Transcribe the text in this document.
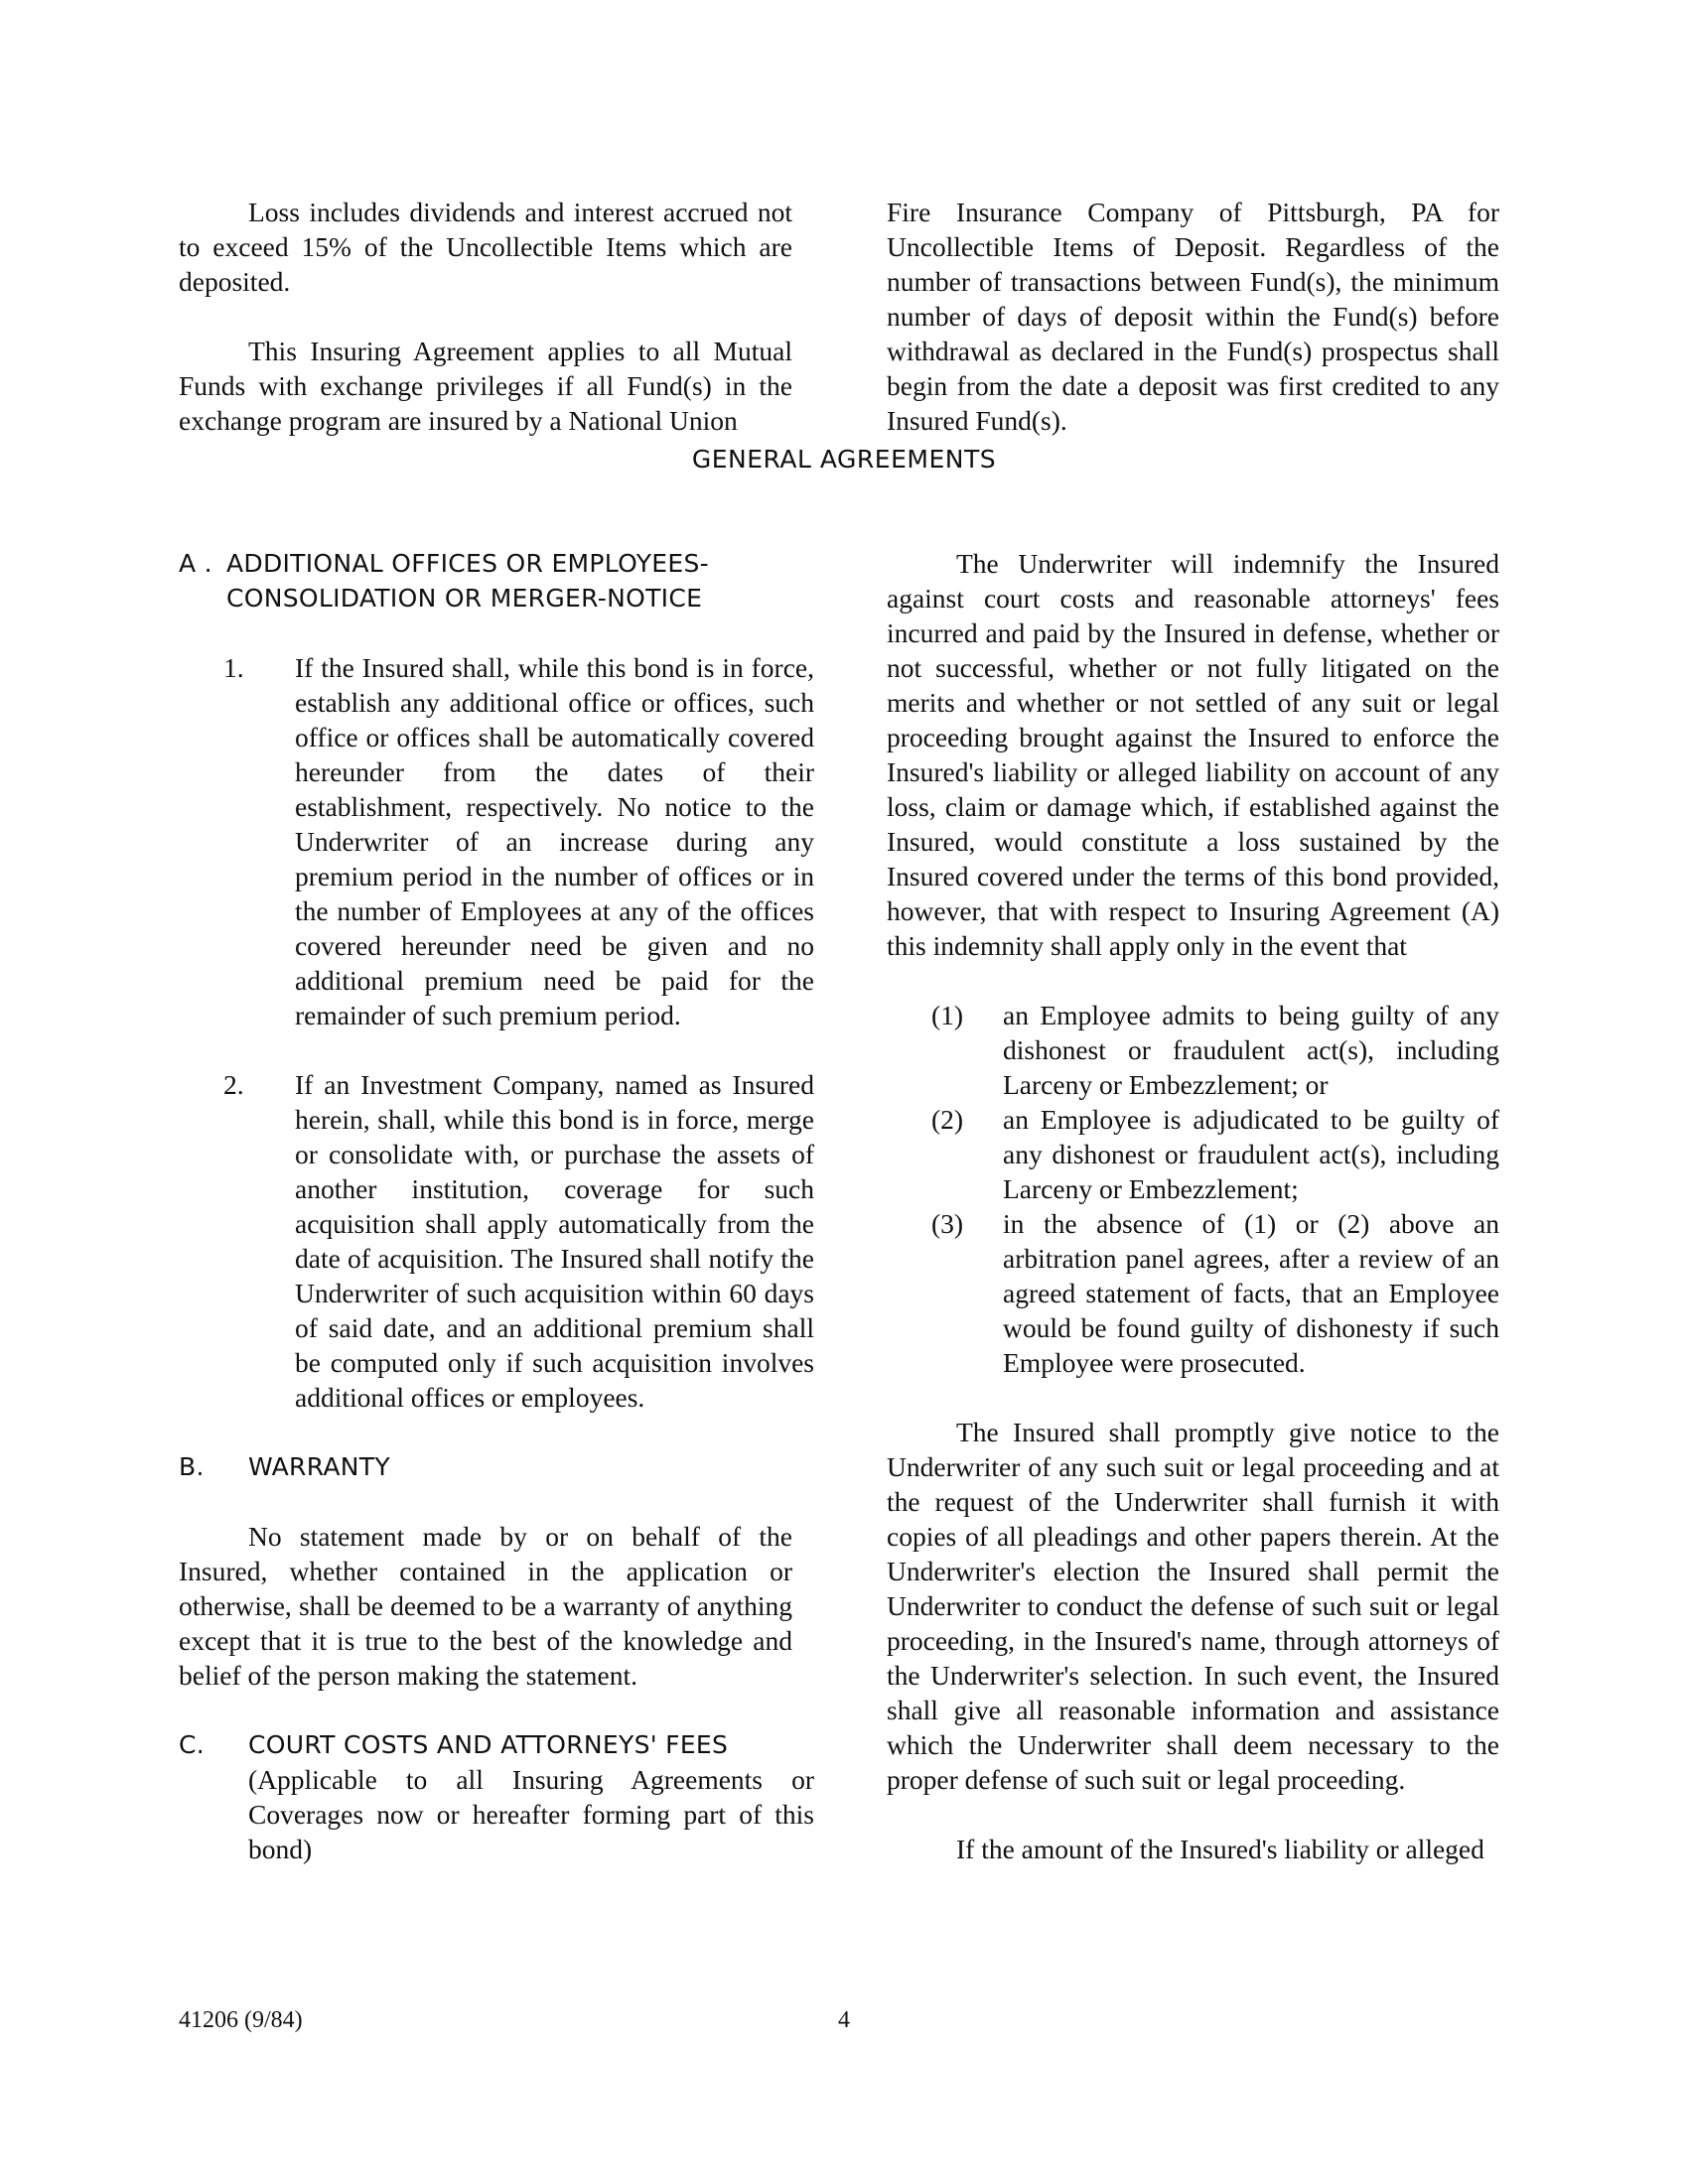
Loss includes dividends and interest accrued not to exceed 15% of the Uncollectible Items which are deposited.

This Insuring Agreement applies to all Mutual Funds with exchange privileges if all Fund(s) in the exchange program are insured by a National Union

Fire Insurance Company of Pittsburgh, PA for Uncollectible Items of Deposit. Regardless of the number of transactions between Fund(s), the minimum number of days of deposit within the Fund(s) before withdrawal as declared in the Fund(s) prospectus shall begin from the date a deposit was first credited to any Insured Fund(s).

GENERAL AGREEMENTS
A . ADDITIONAL OFFICES OR EMPLOYEES-CONSOLIDATION OR MERGER-NOTICE
1.	If the Insured shall, while this bond is in force, establish any additional office or offices, such office or offices shall be automatically covered hereunder from the dates of their establishment, respectively. No notice to the Underwriter of an increase during any premium period in the number of offices or in the number of Employees at any of the offices covered hereunder need be given and no additional premium need be paid for the remainder of such premium period.
2.	If an Investment Company, named as Insured herein, shall, while this bond is in force, merge or consolidate with, or purchase the assets of another institution, coverage for such acquisition shall apply automatically from the date of acquisition. The Insured shall notify the Underwriter of such acquisition within 60 days of said date, and an additional premium shall be computed only if such acquisition involves additional offices or employees.
B.	WARRANTY

No statement made by or on behalf of the Insured, whether contained in the application or otherwise, shall be deemed to be a warranty of anything except that it is true to the best of the knowledge and belief of the person making the statement.

C.	COURT COSTS AND ATTORNEYS' FEES

(Applicable to all Insuring Agreements or Coverages now or hereafter forming part of this bond)

The Underwriter will indemnify the Insured against court costs and reasonable attorneys' fees incurred and paid by the Insured in defense, whether or not successful, whether or not fully litigated on the merits and whether or not settled of any suit or legal proceeding brought against the Insured to enforce the Insured's liability or alleged liability on account of any loss, claim or damage which, if established against the Insured, would constitute a loss sustained by the Insured covered under the terms of this bond provided, however, that with respect to Insuring Agreement (A) this indemnity shall apply only in the event that

(1)	an Employee admits to being guilty of any dishonest or fraudulent act(s), including Larceny or Embezzlement; or
(2)	an Employee is adjudicated to be guilty of any dishonest or fraudulent act(s), including Larceny or Embezzlement;
(3)	in the absence of (1) or (2) above an arbitration panel agrees, after a review of an agreed statement of facts, that an Employee would be found guilty of dishonesty if such Employee were prosecuted.

The Insured shall promptly give notice to the Underwriter of any such suit or legal proceeding and at the request of the Underwriter shall furnish it with copies of all pleadings and other papers therein. At the Underwriter's election the Insured shall permit the Underwriter to conduct the defense of such suit or legal proceeding, in the Insured's name, through attorneys of the Underwriter's selection. In such event, the Insured shall give all reasonable information and assistance which the Underwriter shall deem necessary to the proper defense of such suit or legal proceeding.

If the amount of the Insured's liability or alleged

41206 (9/84)	4
